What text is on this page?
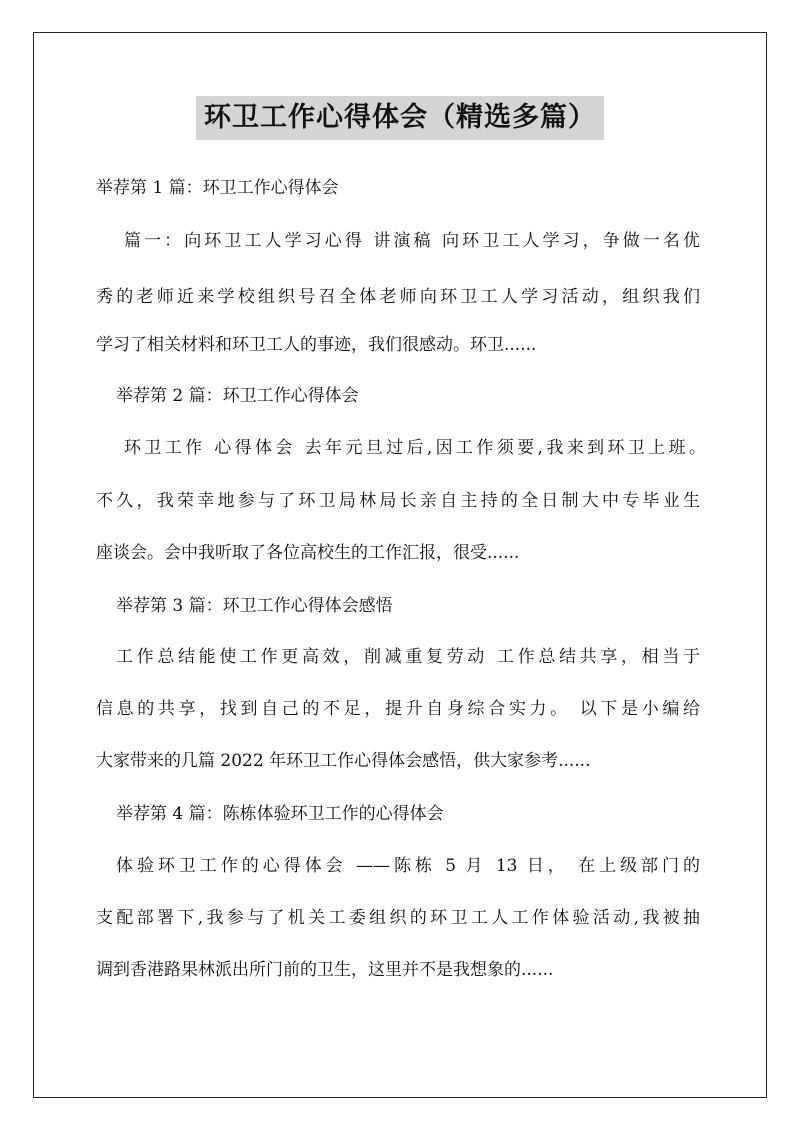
环卫工作心得体会（精选多篇）
举荐第 1 篇：环卫工作心得体会
篇一：向环卫工人学习心得 讲演稿 向环卫工人学习，争做一名优
秀的老师近来学校组织号召全体老师向环卫工人学习活动，组织我们
学习了相关材料和环卫工人的事迹，我们很感动。环卫......
举荐第 2 篇：环卫工作心得体会
环卫工作 心得体会 去年元旦过后,因工作须要,我来到环卫上班。
不久，我荣幸地参与了环卫局林局长亲自主持的全日制大中专毕业生
座谈会。会中我听取了各位高校生的工作汇报，很受......
举荐第 3 篇：环卫工作心得体会感悟
工作总结能使工作更高效，削减重复劳动 工作总结共享，相当于
信息的共享，找到自己的不足，提升自身综合实力。 以下是小编给
大家带来的几篇 2022 年环卫工作心得体会感悟，供大家参考......
举荐第 4 篇：陈栋体验环卫工作的心得体会
体验环卫工作的心得体会 ——陈栋 5 月 13 日， 在上级部门的
支配部署下,我参与了机关工委组织的环卫工人工作体验活动,我被抽
调到香港路果林派出所门前的卫生，这里并不是我想象的......
